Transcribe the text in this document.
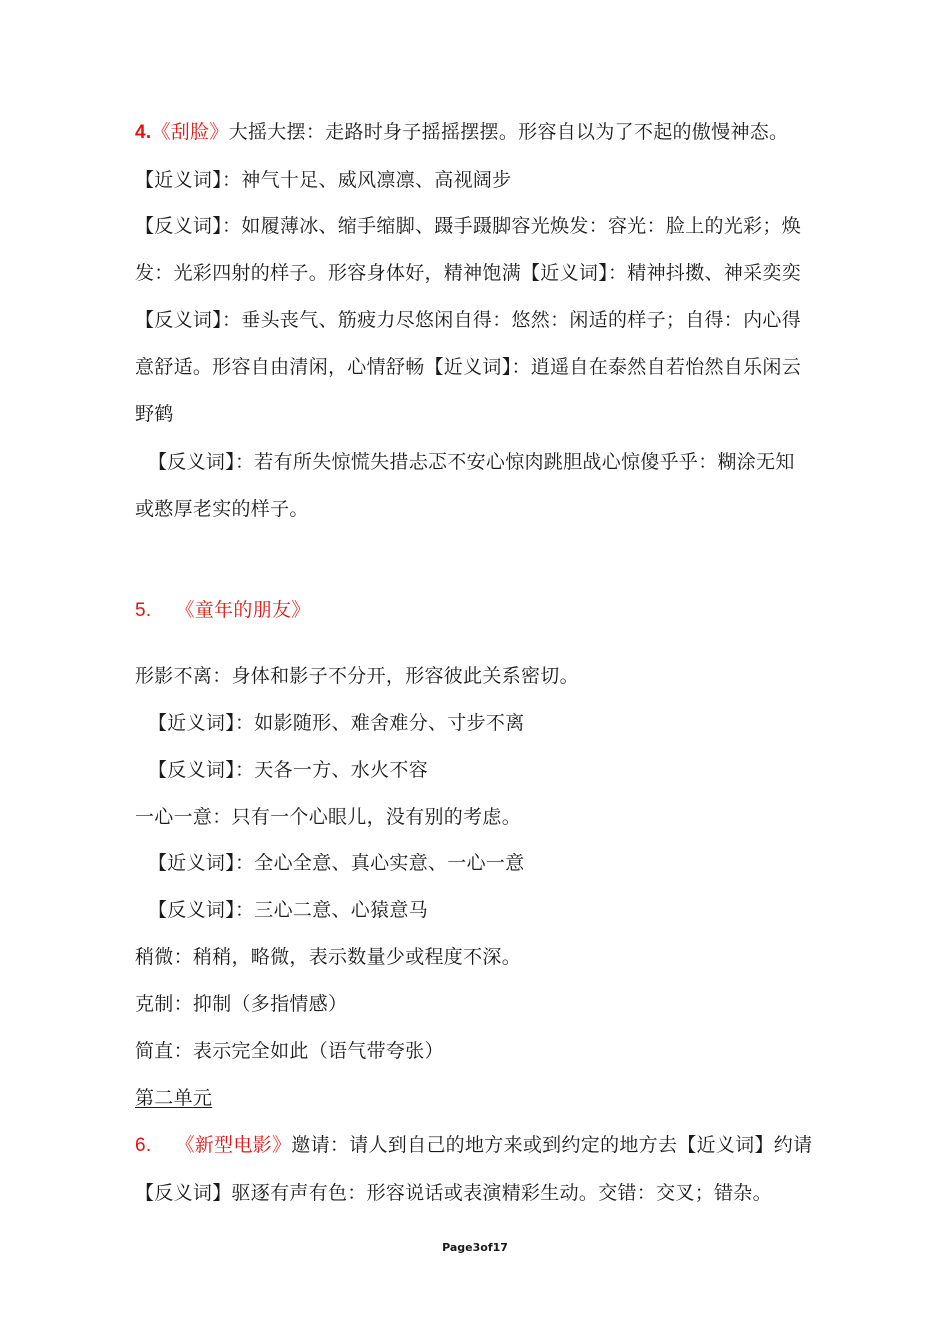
4.《刮脸》大摇大摆：走路时身子摇摇摆摆。形容自以为了不起的傲慢神态。
【近义词】：神气十足、威风凛凛、高视阔步
【反义词】：如履薄冰、缩手缩脚、蹑手蹑脚容光焕发：容光：脸上的光彩；焕
发：光彩四射的样子。形容身体好，精神饱满【近义词】：精神抖擞、神采奕奕
【反义词】：垂头丧气、筋疲力尽悠闲自得：悠然：闲适的样子；自得：内心得
意舒适。形容自由清闲，心情舒畅【近义词】：逍遥自在泰然自若怡然自乐闲云
野鹤
【反义词】：若有所失惊慌失措忐忑不安心惊肉跳胆战心惊傻乎乎：糊涂无知
或憨厚老实的样子。
5. 《童年的朋友》
形影不离：身体和影子不分开，形容彼此关系密切。
【近义词】：如影随形、难舍难分、寸步不离
【反义词】：天各一方、水火不容
一心一意：只有一个心眼儿，没有别的考虑。
【近义词】：全心全意、真心实意、一心一意
【反义词】：三心二意、心猿意马
稍微：稍稍，略微，表示数量少或程度不深。
克制：抑制（多指情感）
简直：表示完全如此（语气带夸张）
第二单元
6. 《新型电影》邀请：请人到自己的地方来或到约定的地方去【近义词】约请
【反义词】驱逐有声有色：形容说话或表演精彩生动。交错：交叉；错杂。
Page3of17
